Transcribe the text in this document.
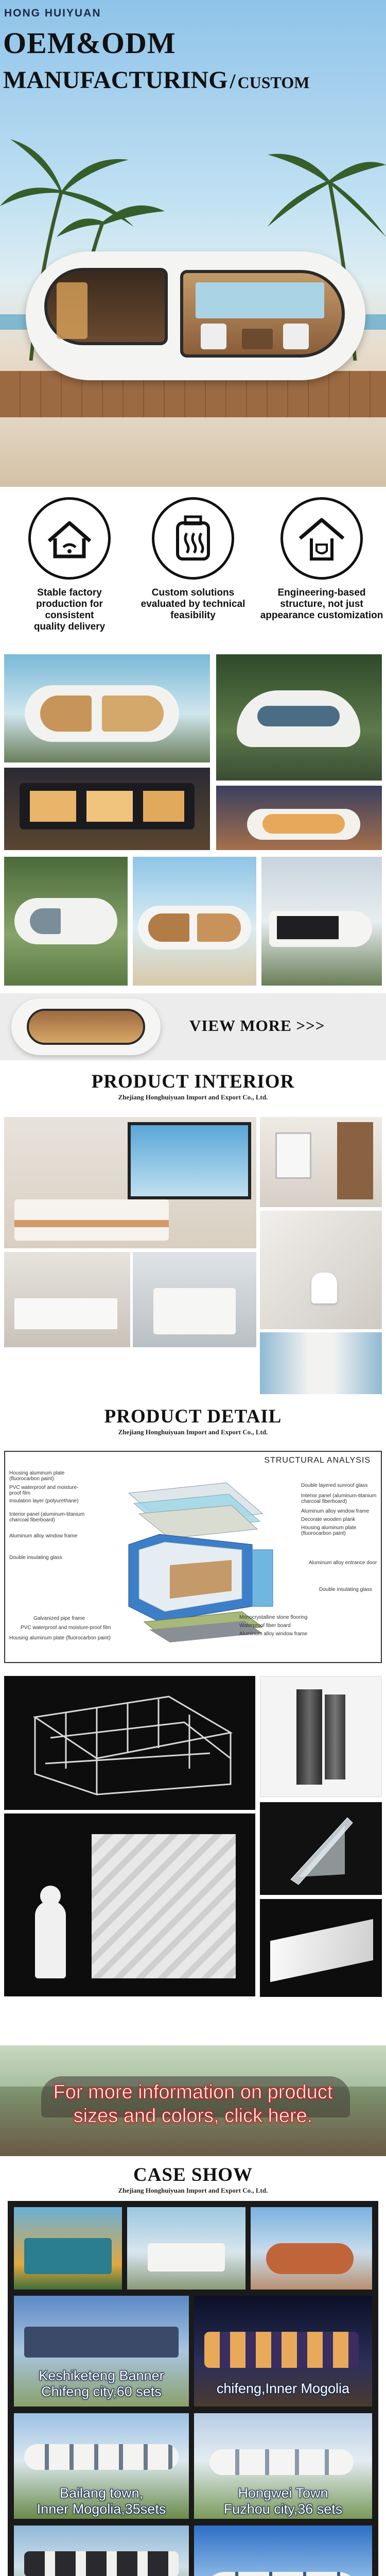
HONG HUIYUAN
OEM&ODM
MANUFACTURING / CUSTOM
Stable factory
production for consistent
quality delivery
Custom solutions
evaluated by technical
feasibility
Engineering-based
structure, not just
appearance customization
VIEW MORE >>>
PRODUCT INTERIOR
Zhejiang Honghuiyuan Import and Export Co., Ltd.
PRODUCT DETAIL
Zhejiang Honghuiyuan Import and Export Co., Ltd.
STRUCTURAL ANALYSIS
Housing aluminum plate (fluorocarbon paint)
PVC waterproof and moisture-proof film
Insulation layer (polyurethane)
Interior panel (aluminum-titanium charcoal fiberboard)
Aluminum alloy window frame
Double insulating glass
Galvanized pipe frame
PVC waterproof and moisture-proof film
Housing aluminum plate (fluorocarbon paint)
Double layered sunroof glass
Interior panel (aluminum-titanium charcoal fiberboard)
Aluminum alloy window frame
Decorate wooden plank
Housing aluminum plate (fluorocarbon paint)
Aluminum alloy entrance door
Double insulating glass
Monocrystalline stone flooring
Waterproof fiber board
Aluminum alloy window frame
For more information on product
sizes and colors, click here.
CASE SHOW
Zhejiang Honghuiyuan Import and Export Co., Ltd.
Keshiketeng Banner
Chifeng city,60 sets	chifeng,Inner Mogolia
Bailang town,
Inner Mogolia,35sets
Hongwei Town
Fuzhou city,36 sets
